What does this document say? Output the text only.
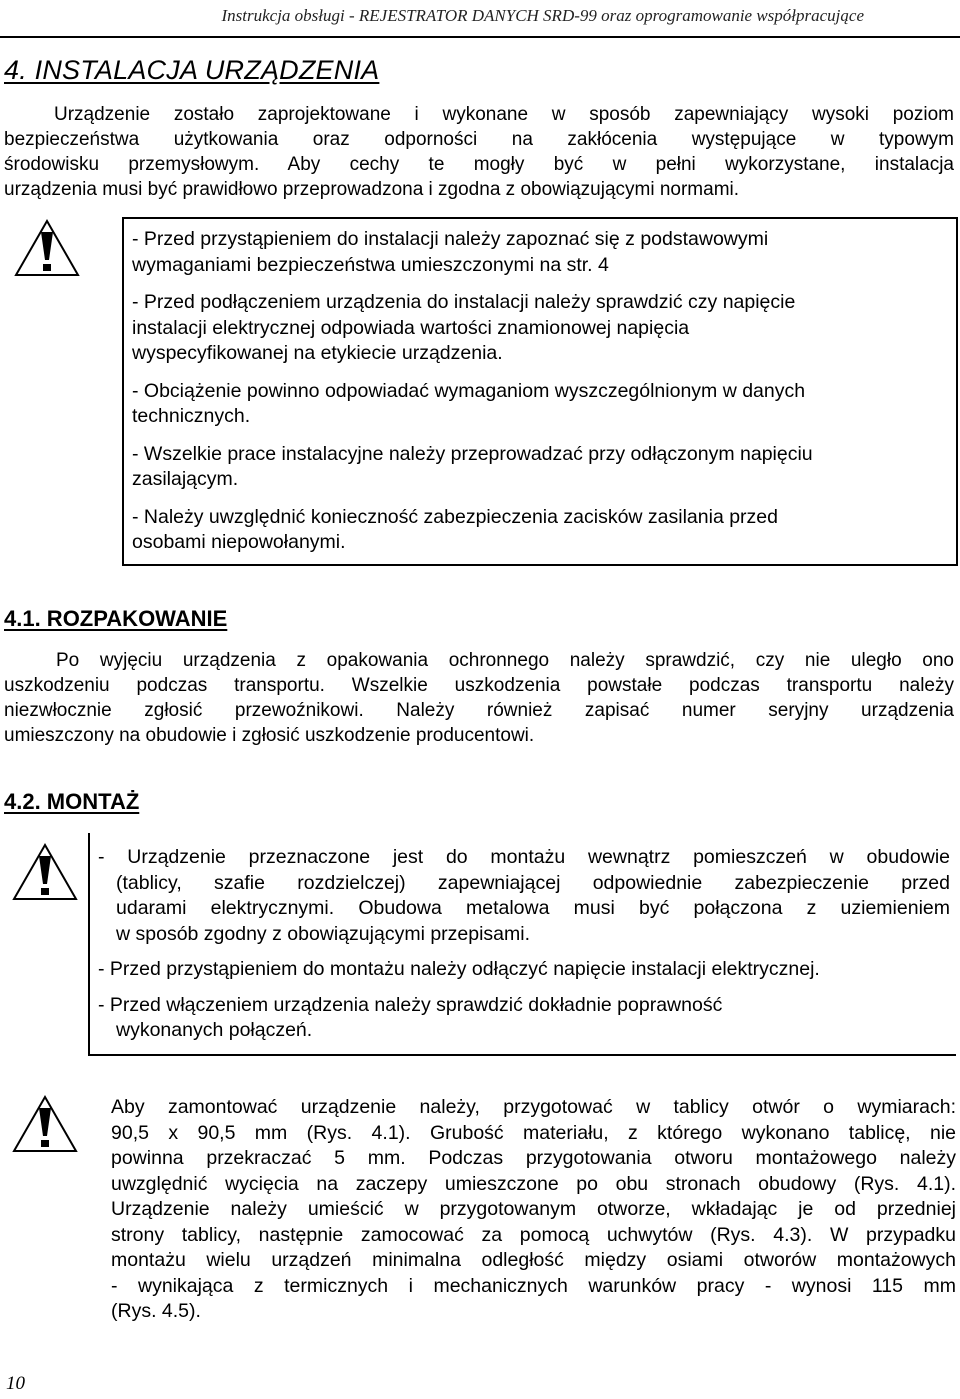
Instrukcja obsługi - REJESTRATOR DANYCH SRD-99 oraz oprogramowanie współpracujące
4. INSTALACJA URZĄDZENIA
Urządzenie zostało zaprojektowane i wykonane w sposób zapewniający wysoki poziom
bezpieczeństwa użytkowania oraz odporności na zakłócenia występujące w typowym
środowisku przemysłowym. Aby cechy te mogły być w pełni wykorzystane, instalacja
urządzenia musi być prawidłowo przeprowadzona i zgodna z obowiązującymi normami.
- Przed przystąpieniem do instalacji należy zapoznać się z podstawowymi
wymaganiami bezpieczeństwa umieszczonymi na str. 4
- Przed podłączeniem urządzenia do instalacji należy sprawdzić czy napięcie
instalacji elektrycznej odpowiada wartości znamionowej napięcia
wyspecyfikowanej na etykiecie urządzenia.
- Obciążenie powinno odpowiadać wymaganiom wyszczególnionym w danych
technicznych.
- Wszelkie prace instalacyjne należy przeprowadzać przy odłączonym napięciu
zasilającym.
- Należy uwzględnić konieczność zabezpieczenia zacisków zasilania przed
osobami niepowołanymi.
4.1. ROZPAKOWANIE
Po wyjęciu urządzenia z opakowania ochronnego należy sprawdzić, czy nie uległo ono
uszkodzeniu podczas transportu. Wszelkie uszkodzenia powstałe podczas transportu należy
niezwłocznie zgłosić przewoźnikowi. Należy również zapisać numer seryjny urządzenia
umieszczony na obudowie i zgłosić uszkodzenie producentowi.
4.2. MONTAŻ
- Urządzenie przeznaczone jest do montażu wewnątrz pomieszczeń w obudowie
(tablicy, szafie rozdzielczej) zapewniającej odpowiednie zabezpieczenie przed
udarami elektrycznymi. Obudowa metalowa musi być połączona z uziemieniem
w sposób zgodny z obowiązującymi przepisami.
- Przed przystąpieniem do montażu należy odłączyć napięcie instalacji elektrycznej.
- Przed włączeniem urządzenia należy sprawdzić dokładnie poprawność
wykonanych połączeń.
Aby zamontować urządzenie należy, przygotować w tablicy otwór o wymiarach:
90,5 x 90,5 mm (Rys. 4.1). Grubość materiału, z którego wykonano tablicę, nie
powinna przekraczać 5 mm. Podczas przygotowania otworu montażowego należy
uwzględnić wycięcia na zaczepy umieszczone po obu stronach obudowy (Rys. 4.1).
Urządzenie należy umieścić w przygotowanym otworze, wkładając je od przedniej
strony tablicy, następnie zamocować za pomocą uchwytów (Rys. 4.3). W przypadku
montażu wielu urządzeń minimalna odległość między osiami otworów montażowych
- wynikająca z termicznych i mechanicznych warunków pracy - wynosi 115 mm
(Rys. 4.5).
10
